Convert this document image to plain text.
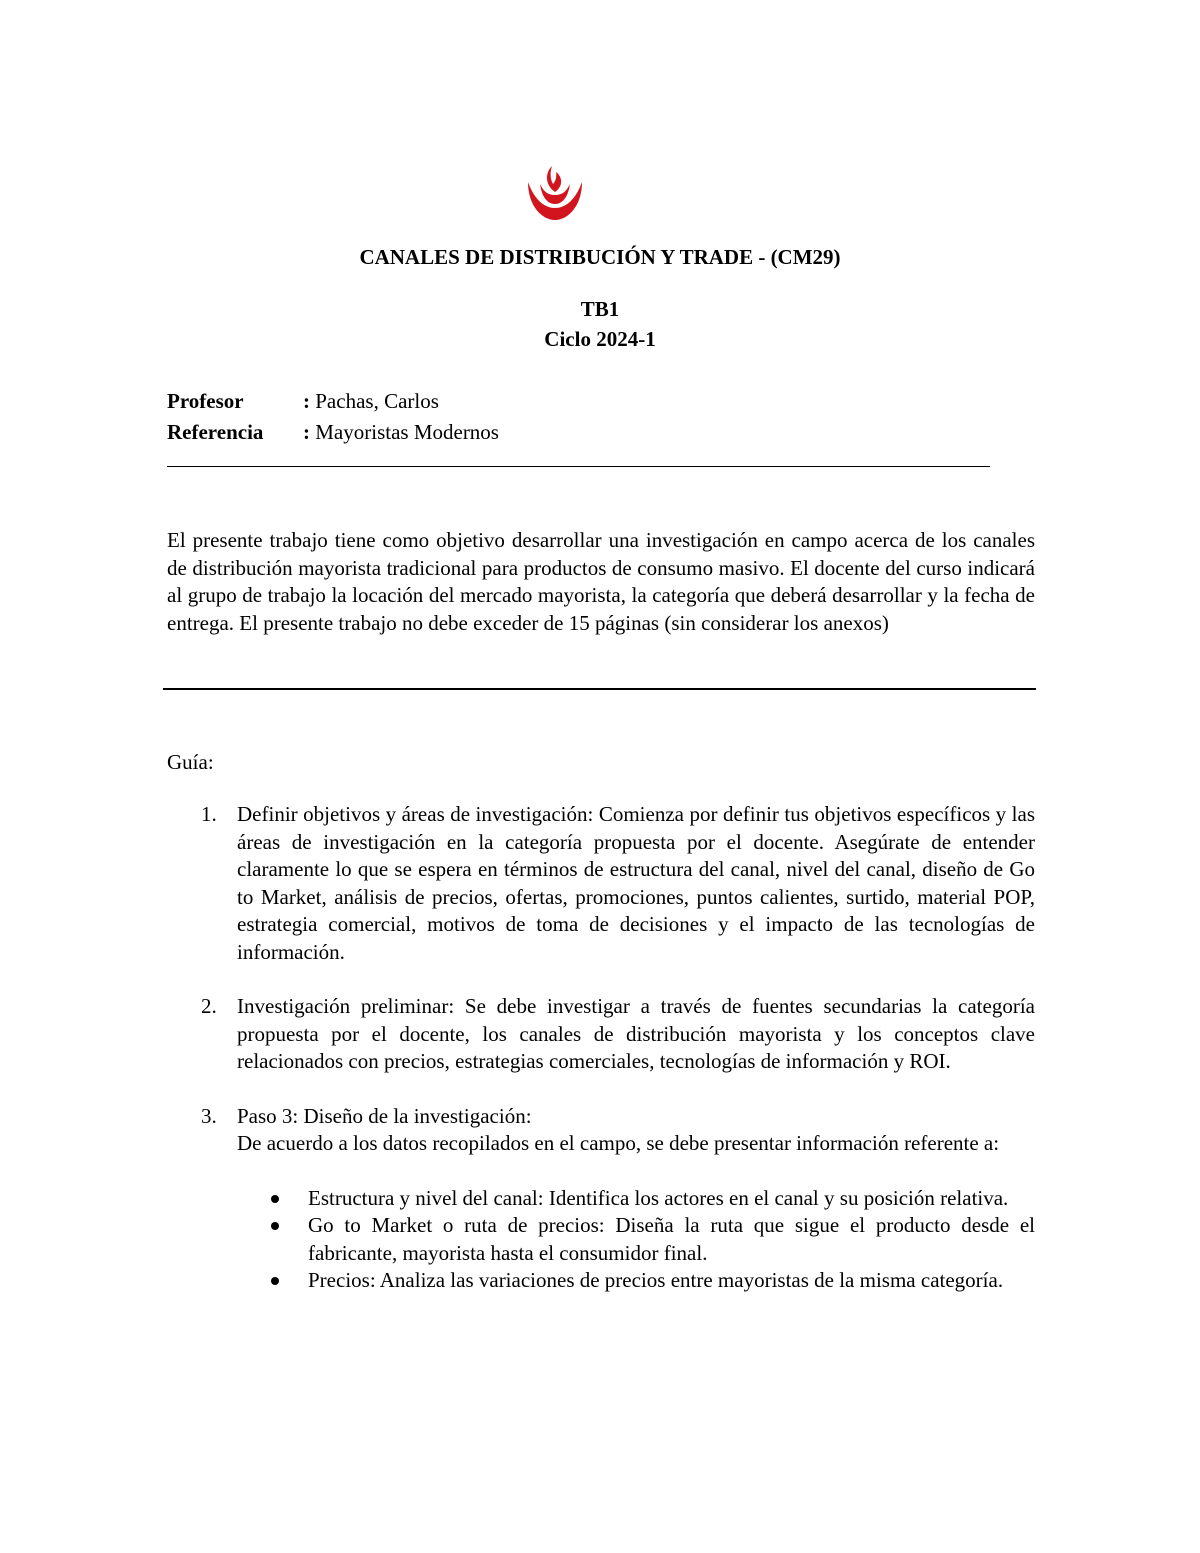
CANALES DE DISTRIBUCIÓN Y TRADE - (CM29)
TB1
Ciclo 2024-1
Profesor	: Pachas, Carlos
Referencia : Mayoristas Modernos
El presente trabajo tiene como objetivo desarrollar una investigación en campo acerca de los canales de distribución mayorista tradicional para productos de consumo masivo. El docente del curso indicará al grupo de trabajo la locación del mercado mayorista, la categoría que deberá desarrollar y la fecha de entrega. El presente trabajo no debe exceder de 15 páginas (sin considerar los anexos)
Guía:
1. Definir objetivos y áreas de investigación: Comienza por definir tus objetivos específicos y las áreas de investigación en la categoría propuesta por el docente. Asegúrate de entender claramente lo que se espera en términos de estructura del canal, nivel del canal, diseño de Go to Market, análisis de precios, ofertas, promociones, puntos calientes, surtido, material POP, estrategia comercial, motivos de toma de decisiones y el impacto de las tecnologías de información.
2. Investigación preliminar: Se debe investigar a través de fuentes secundarias la categoría propuesta por el docente, los canales de distribución mayorista y los conceptos clave relacionados con precios, estrategias comerciales, tecnologías de información y ROI.
3. Paso 3: Diseño de la investigación:
De acuerdo a los datos recopilados en el campo, se debe presentar información referente a:
Estructura y nivel del canal: Identifica los actores en el canal y su posición relativa.
Go to Market o ruta de precios: Diseña la ruta que sigue el producto desde el fabricante, mayorista hasta el consumidor final.
Precios: Analiza las variaciones de precios entre mayoristas de la misma categoría.
